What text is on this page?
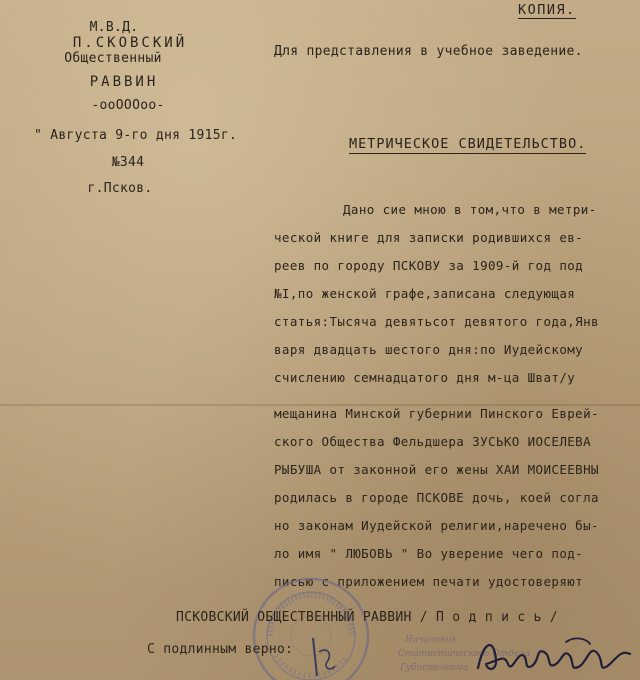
М.В.Д.
П.СКОВСКИЙ
Общественный
РАВВИН
-ооОООоо-
" Августа 9-го дня 1915г.
№344
г.Псков.
КОПИЯ.
Для представления в учебное заведение.
МЕТРИЧЕСКОЕ СВИДЕТЕЛЬСТВО.
Дано сие мною в том,что в метри-
ческой книге для записки родившихся ев-
реев по городу ПСКОВУ за 1909-й год под
№I,по женской графе,записана следующая
статья:Тысяча девятьсот девятого года,Янв
варя двадцать шестого дня:по Иудейскому
счислению семнадцатого дня м-ца Шват/у
мещанина Минской губернии Пинского Еврей-
ского Общества Фельдшера ЗУСЬКО ИОСЕЛЕВА
РЫБУША от законной его жены ХАИ МОИСЕЕВНЫ
родилась в городе ПСКОВЕ дочь, коей согла
но законам Иудейской религии,наречено бы-
ло имя " ЛЮБОВЬ " Во уверение чего под-
писью с приложением печати удостоверяют
Начальник
Статистического Отдела
Губисполкома
ПСКОВСКИЙ ОБЩЕСТВЕННЫЙ РАВВИН / П о д п и с ь /
С подлинным верно:
